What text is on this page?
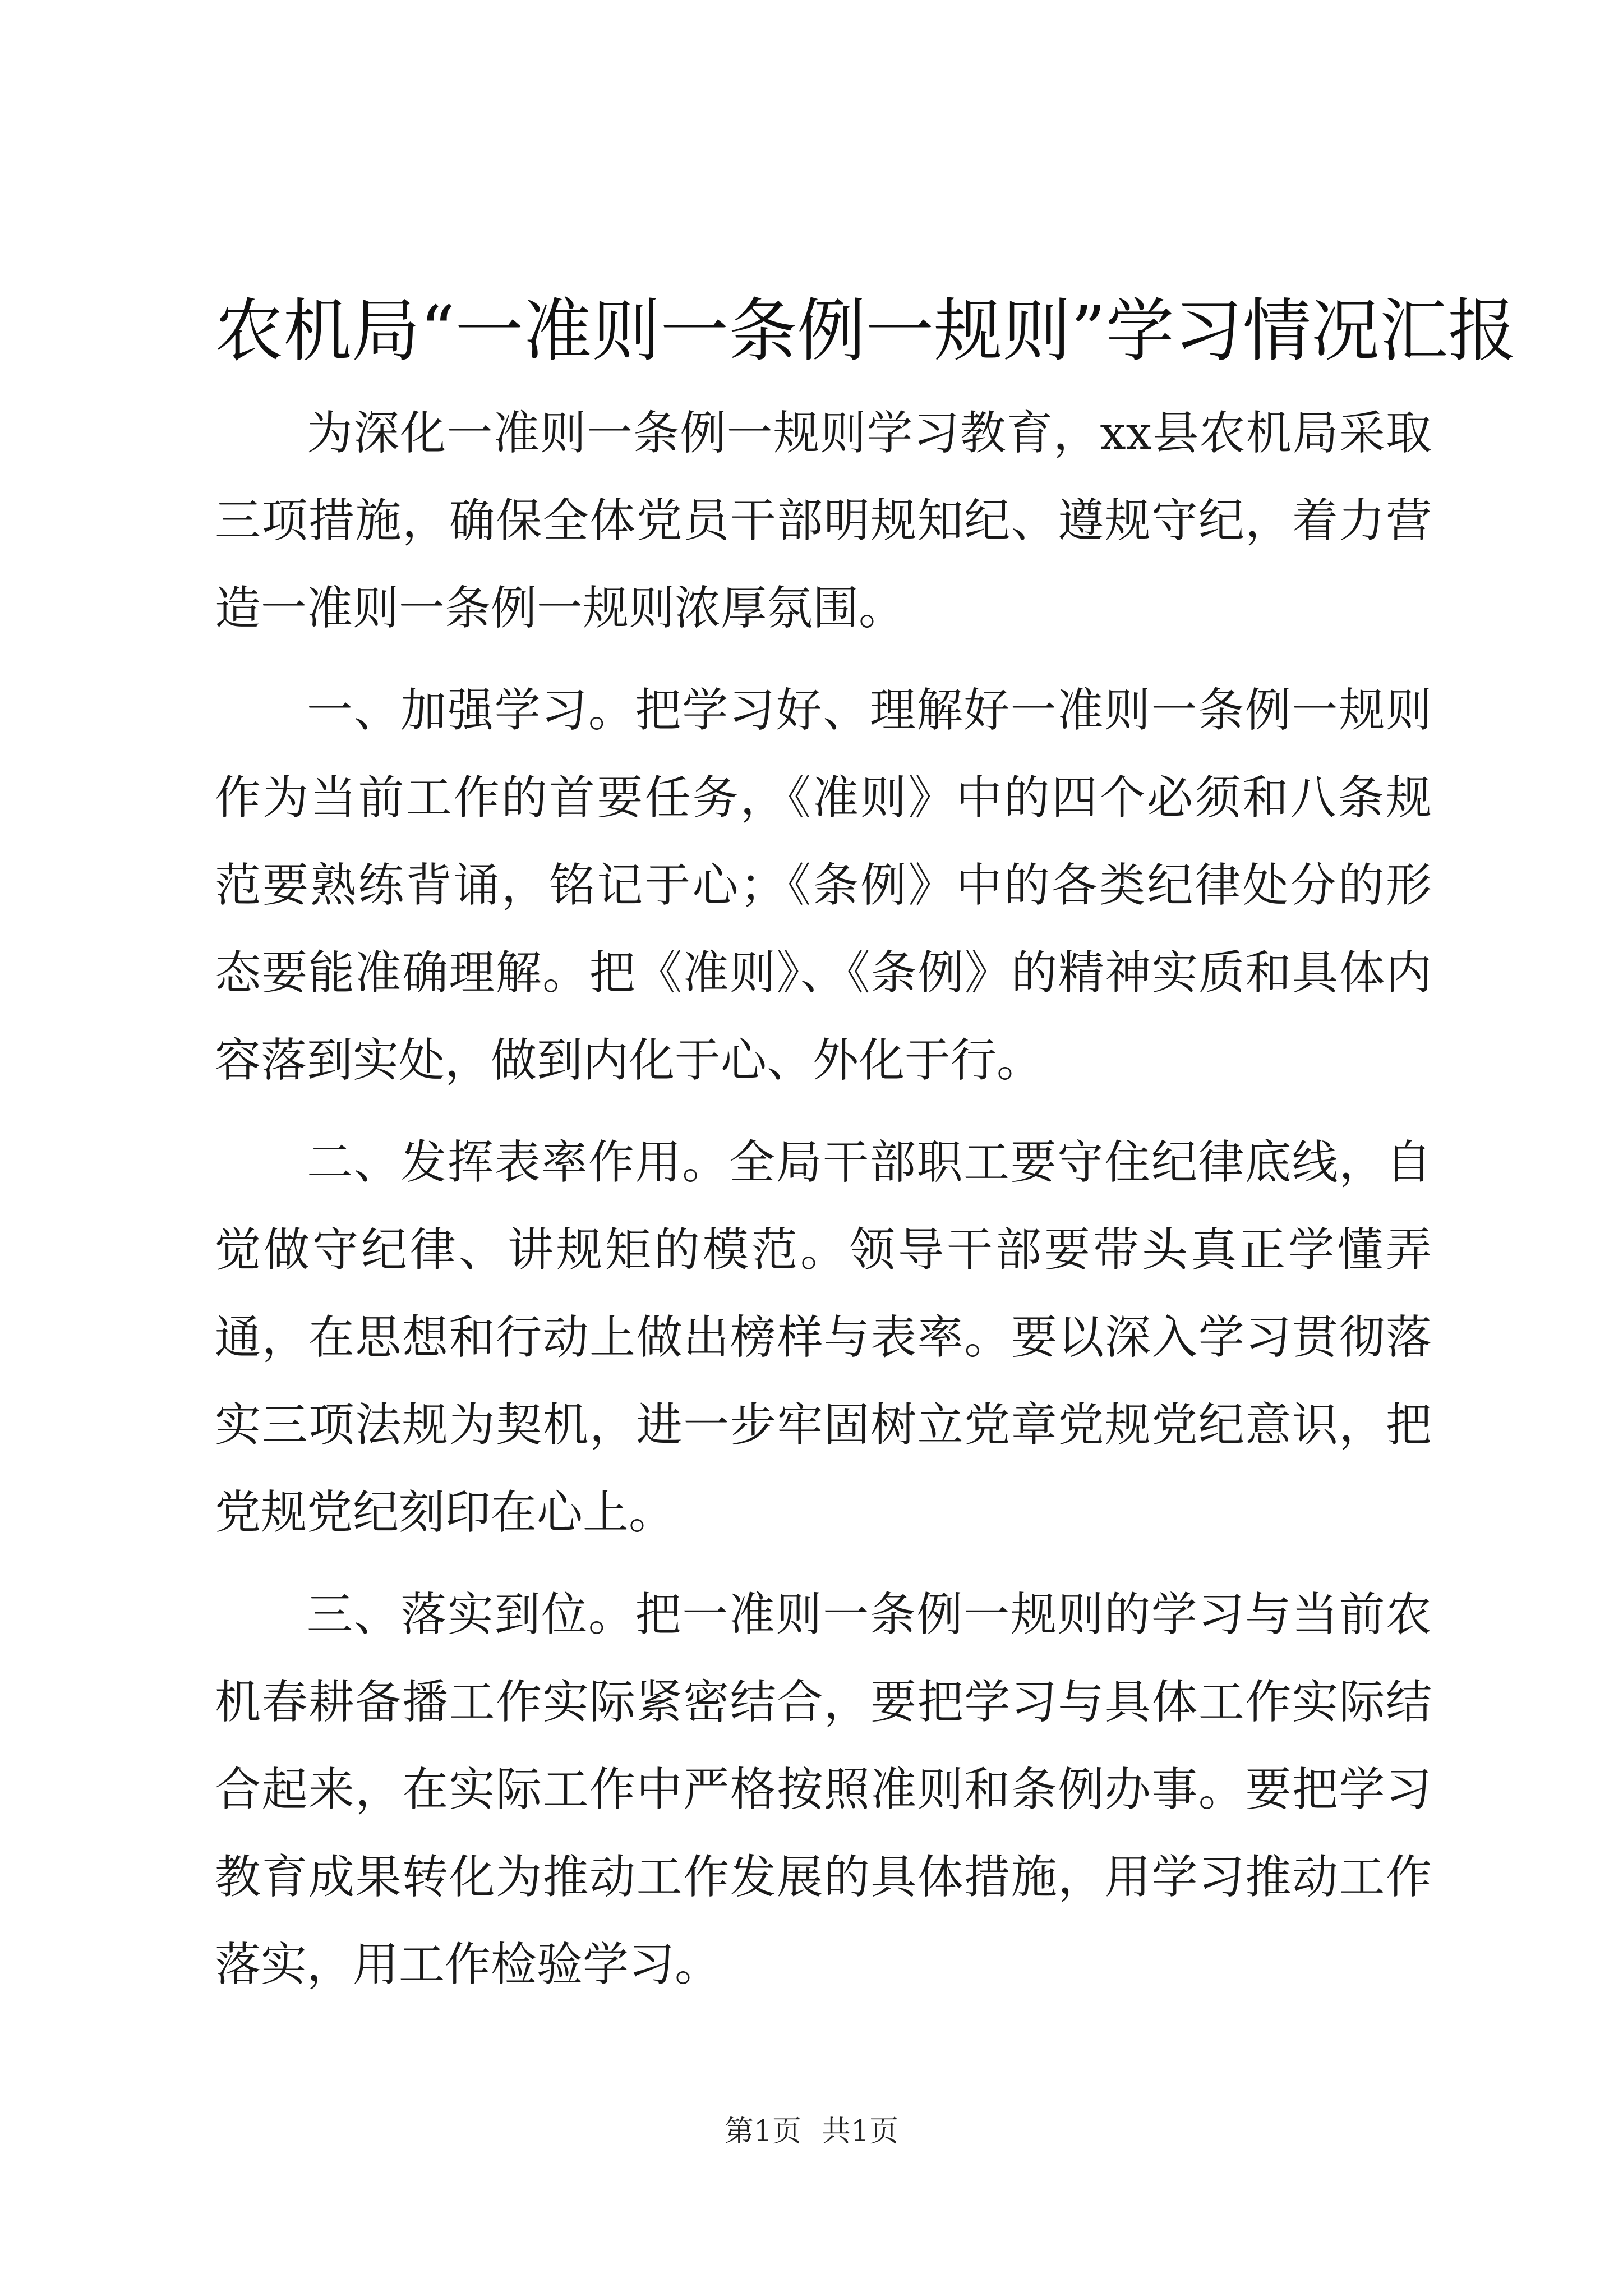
农机局“一准则一条例一规则”学习情况汇报

为深化一准则一条例一规则学习教育，xx县农机局采取三项措施，确保全体党员干部明规知纪、遵规守纪，着力营造一准则一条例一规则浓厚氛围。

一、加强学习。把学习好、理解好一准则一条例一规则作为当前工作的首要任务，《准则》中的四个必须和八条规范要熟练背诵，铭记于心；《条例》中的各类纪律处分的形态要能准确理解。把《准则》、《条例》的精神实质和具体内容落到实处，做到内化于心、外化于行。

二、发挥表率作用。全局干部职工要守住纪律底线，自觉做守纪律、讲规矩的模范。领导干部要带头真正学懂弄通，在思想和行动上做出榜样与表率。要以深入学习贯彻落实三项法规为契机，进一步牢固树立党章党规党纪意识，把党规党纪刻印在心上。

三、落实到位。把一准则一条例一规则的学习与当前农机春耕备播工作实际紧密结合，要把学习与具体工作实际结合起来，在实际工作中严格按照准则和条例办事。要把学习教育成果转化为推动工作发展的具体措施，用学习推动工作落实，用工作检验学习。

第1页 共1页
